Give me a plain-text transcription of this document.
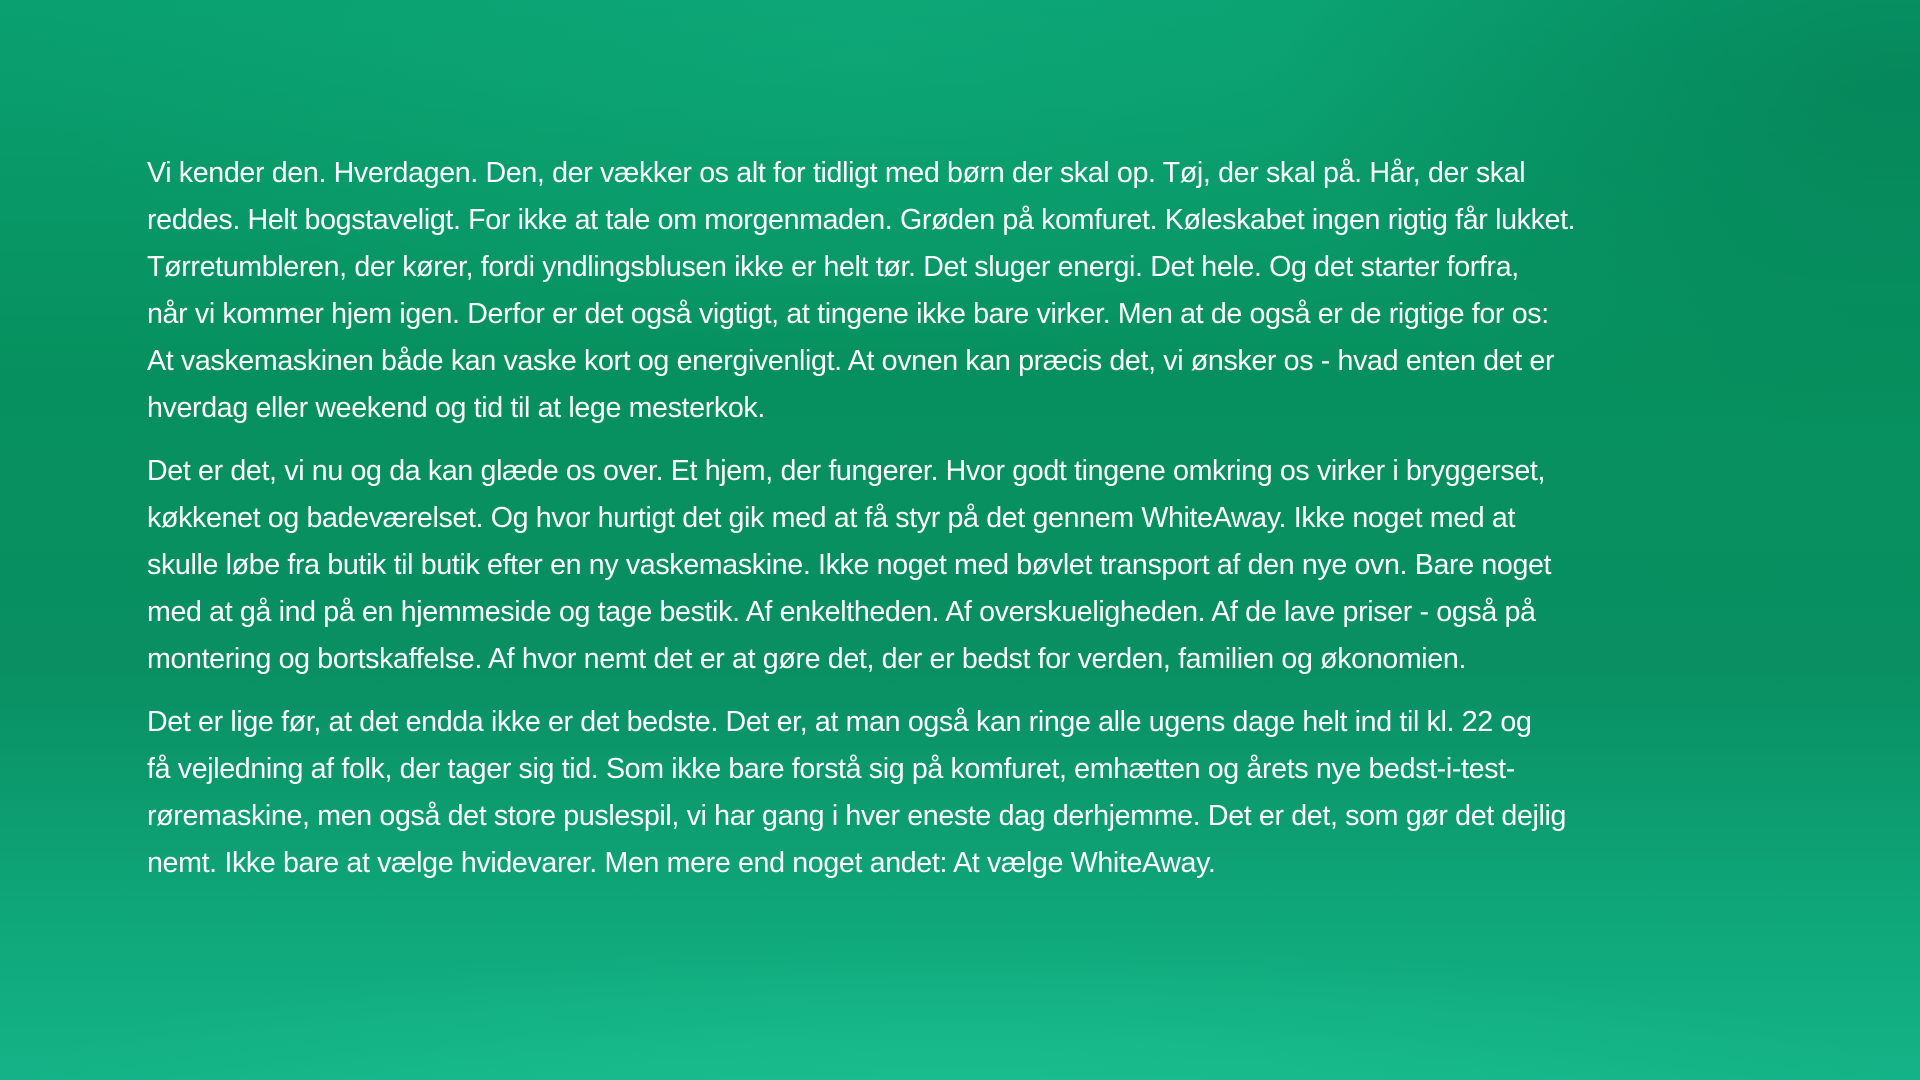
Vi kender den. Hverdagen. Den, der vækker os alt for tidligt med børn der skal op. Tøj, der skal på. Hår, der skal
reddes. Helt bogstaveligt. For ikke at tale om morgenmaden. Grøden på komfuret. Køleskabet ingen rigtig får lukket.
Tørretumbleren, der kører, fordi yndlingsblusen ikke er helt tør. Det sluger energi. Det hele. Og det starter forfra,
når vi kommer hjem igen. Derfor er det også vigtigt, at tingene ikke bare virker. Men at de også er de rigtige for os:
At vaskemaskinen både kan vaske kort og energivenligt. At ovnen kan præcis det, vi ønsker os - hvad enten det er
hverdag eller weekend og tid til at lege mesterkok.

Det er det, vi nu og da kan glæde os over. Et hjem, der fungerer. Hvor godt tingene omkring os virker i bryggerset,
køkkenet og badeværelset. Og hvor hurtigt det gik med at få styr på det gennem WhiteAway. Ikke noget med at
skulle løbe fra butik til butik efter en ny vaskemaskine. Ikke noget med bøvlet transport af den nye ovn. Bare noget
med at gå ind på en hjemmeside og tage bestik. Af enkeltheden. Af overskueligheden. Af de lave priser - også på
montering og bortskaffelse. Af hvor nemt det er at gøre det, der er bedst for verden, familien og økonomien.

Det er lige før, at det endda ikke er det bedste. Det er, at man også kan ringe alle ugens dage helt ind til kl. 22 og
få vejledning af folk, der tager sig tid. Som ikke bare forstå sig på komfuret, emhætten og årets nye bedst-i-test-
røremaskine, men også det store puslespil, vi har gang i hver eneste dag derhjemme. Det er det, som gør det dejlig
nemt. Ikke bare at vælge hvidevarer. Men mere end noget andet: At vælge WhiteAway.
